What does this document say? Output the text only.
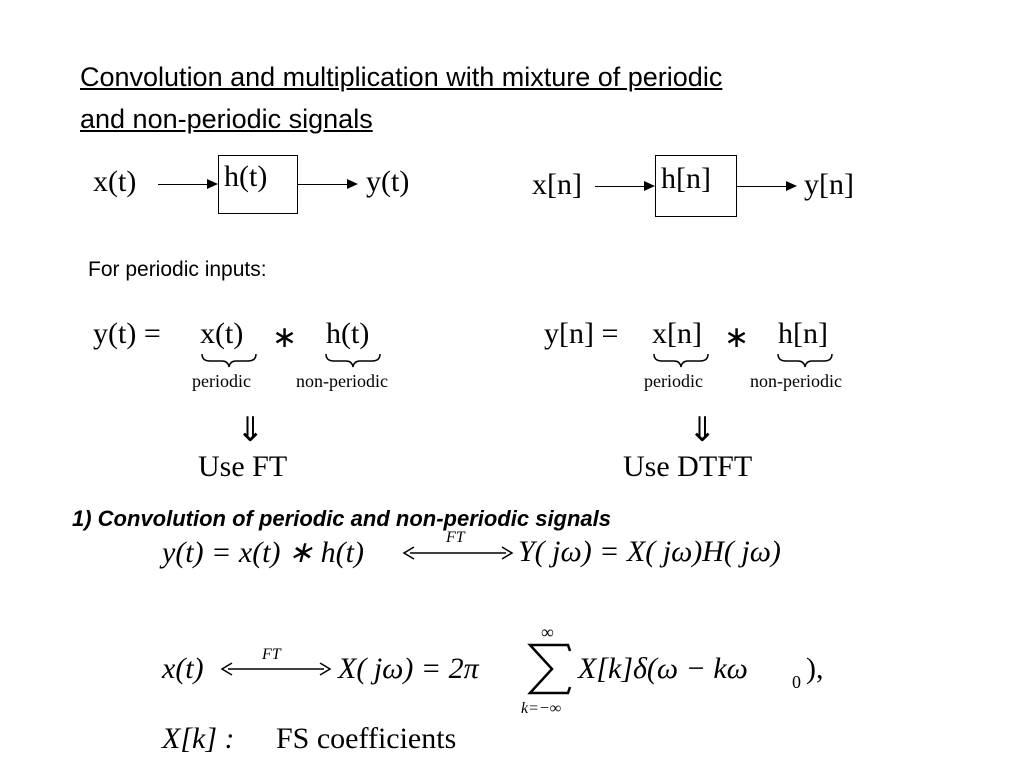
Convolution and multiplication with mixture of periodic
and non-periodic signals
x(t)	h(t)	y(t)	x[n]	h[n]	y[n]
For periodic inputs:
y(t) = x(t) ∗ h(t)
periodic	non-periodic
⇓
Use FT
y[n] = x[n] ∗ h[n]
periodic	non-periodic
⇓
Use DTFT
1) Convolution of periodic and non-periodic signals
y(t) = x(t) ∗ h(t)	FT Y( jω) = X( jω)H( jω)
x(t)	FT X( jω) = 2π
∞
k=−∞
X[k]δ(ω − kω 0 ),
X[k] : FS coefficients
